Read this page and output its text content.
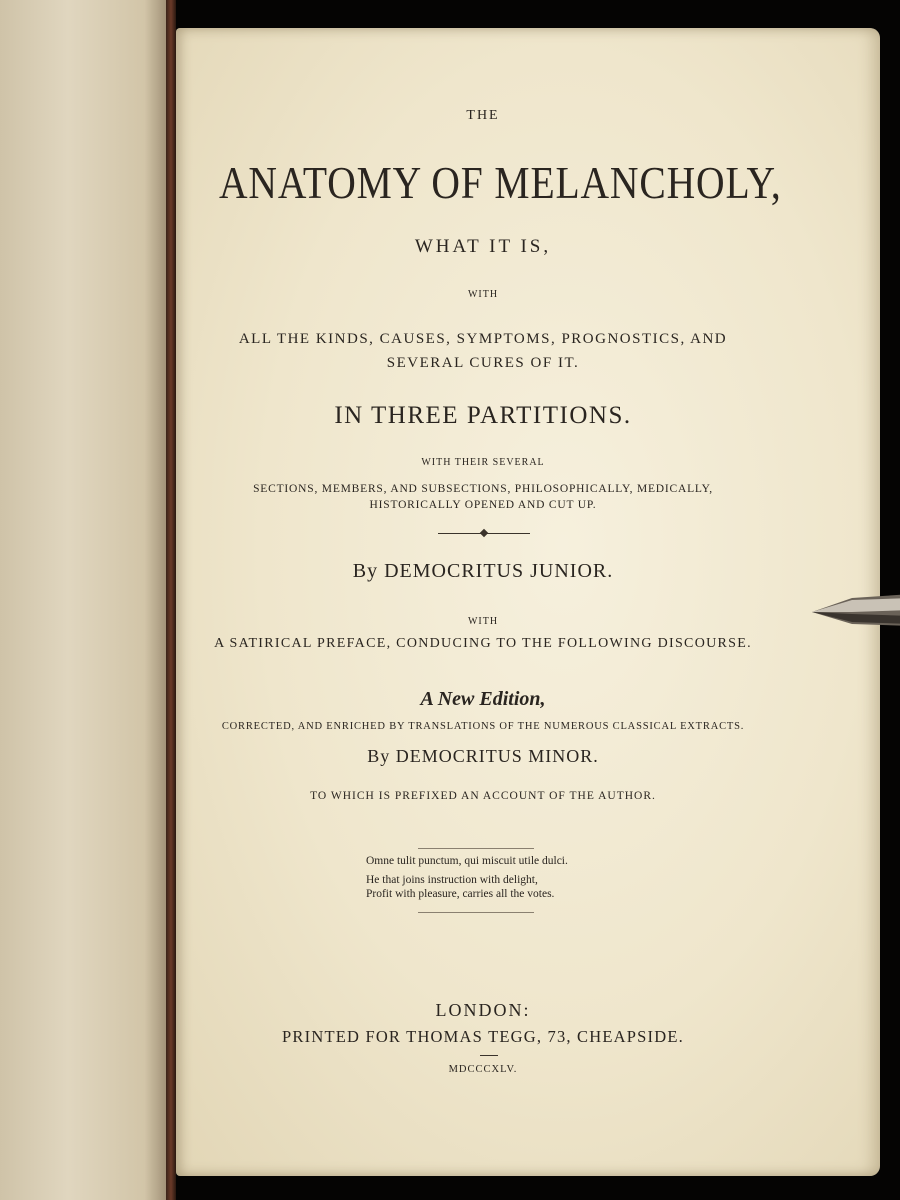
THE
ANATOMY OF MELANCHOLY,
WHAT IT IS,
WITH
ALL THE KINDS, CAUSES, SYMPTOMS, PROGNOSTICS, AND
SEVERAL CURES OF IT.
IN THREE PARTITIONS.
WITH THEIR SEVERAL
SECTIONS, MEMBERS, AND SUBSECTIONS, PHILOSOPHICALLY, MEDICALLY,
HISTORICALLY OPENED AND CUT UP.
By DEMOCRITUS JUNIOR.
WITH
A SATIRICAL PREFACE, CONDUCING TO THE FOLLOWING DISCOURSE.
A New Edition,
CORRECTED, AND ENRICHED BY TRANSLATIONS OF THE NUMEROUS CLASSICAL EXTRACTS.
By DEMOCRITUS MINOR.
TO WHICH IS PREFIXED AN ACCOUNT OF THE AUTHOR.
Omne tulit punctum, qui miscuit utile dulci.
He that joins instruction with delight,
Profit with pleasure, carries all the votes.
LONDON:
PRINTED FOR THOMAS TEGG, 73, CHEAPSIDE.
MDCCCXLV.
